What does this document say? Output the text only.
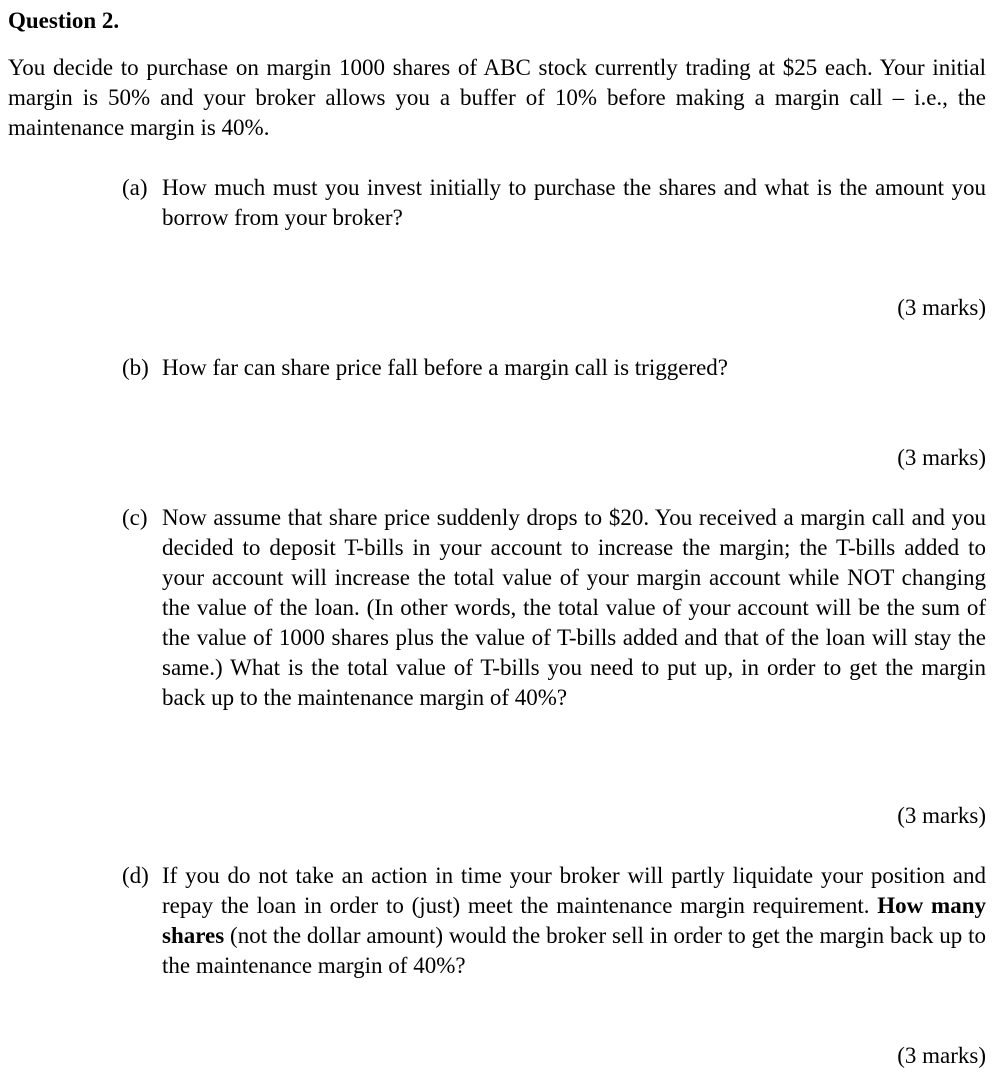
Question 2.

You decide to purchase on margin 1000 shares of ABC stock currently trading at $25 each. Your initial margin is 50% and your broker allows you a buffer of 10% before making a margin call – i.e., the maintenance margin is 40%.

(a) How much must you invest initially to purchase the shares and what is the amount you borrow from your broker?

(3 marks)

(b) How far can share price fall before a margin call is triggered?

(3 marks)

(c) Now assume that share price suddenly drops to $20. You received a margin call and you decided to deposit T-bills in your account to increase the margin; the T-bills added to your account will increase the total value of your margin account while NOT changing the value of the loan. (In other words, the total value of your account will be the sum of the value of 1000 shares plus the value of T-bills added and that of the loan will stay the same.) What is the total value of T-bills you need to put up, in order to get the margin back up to the maintenance margin of 40%?

(3 marks)

(d) If you do not take an action in time your broker will partly liquidate your position and repay the loan in order to (just) meet the maintenance margin requirement. How many shares (not the dollar amount) would the broker sell in order to get the margin back up to the maintenance margin of 40%?

(3 marks)
